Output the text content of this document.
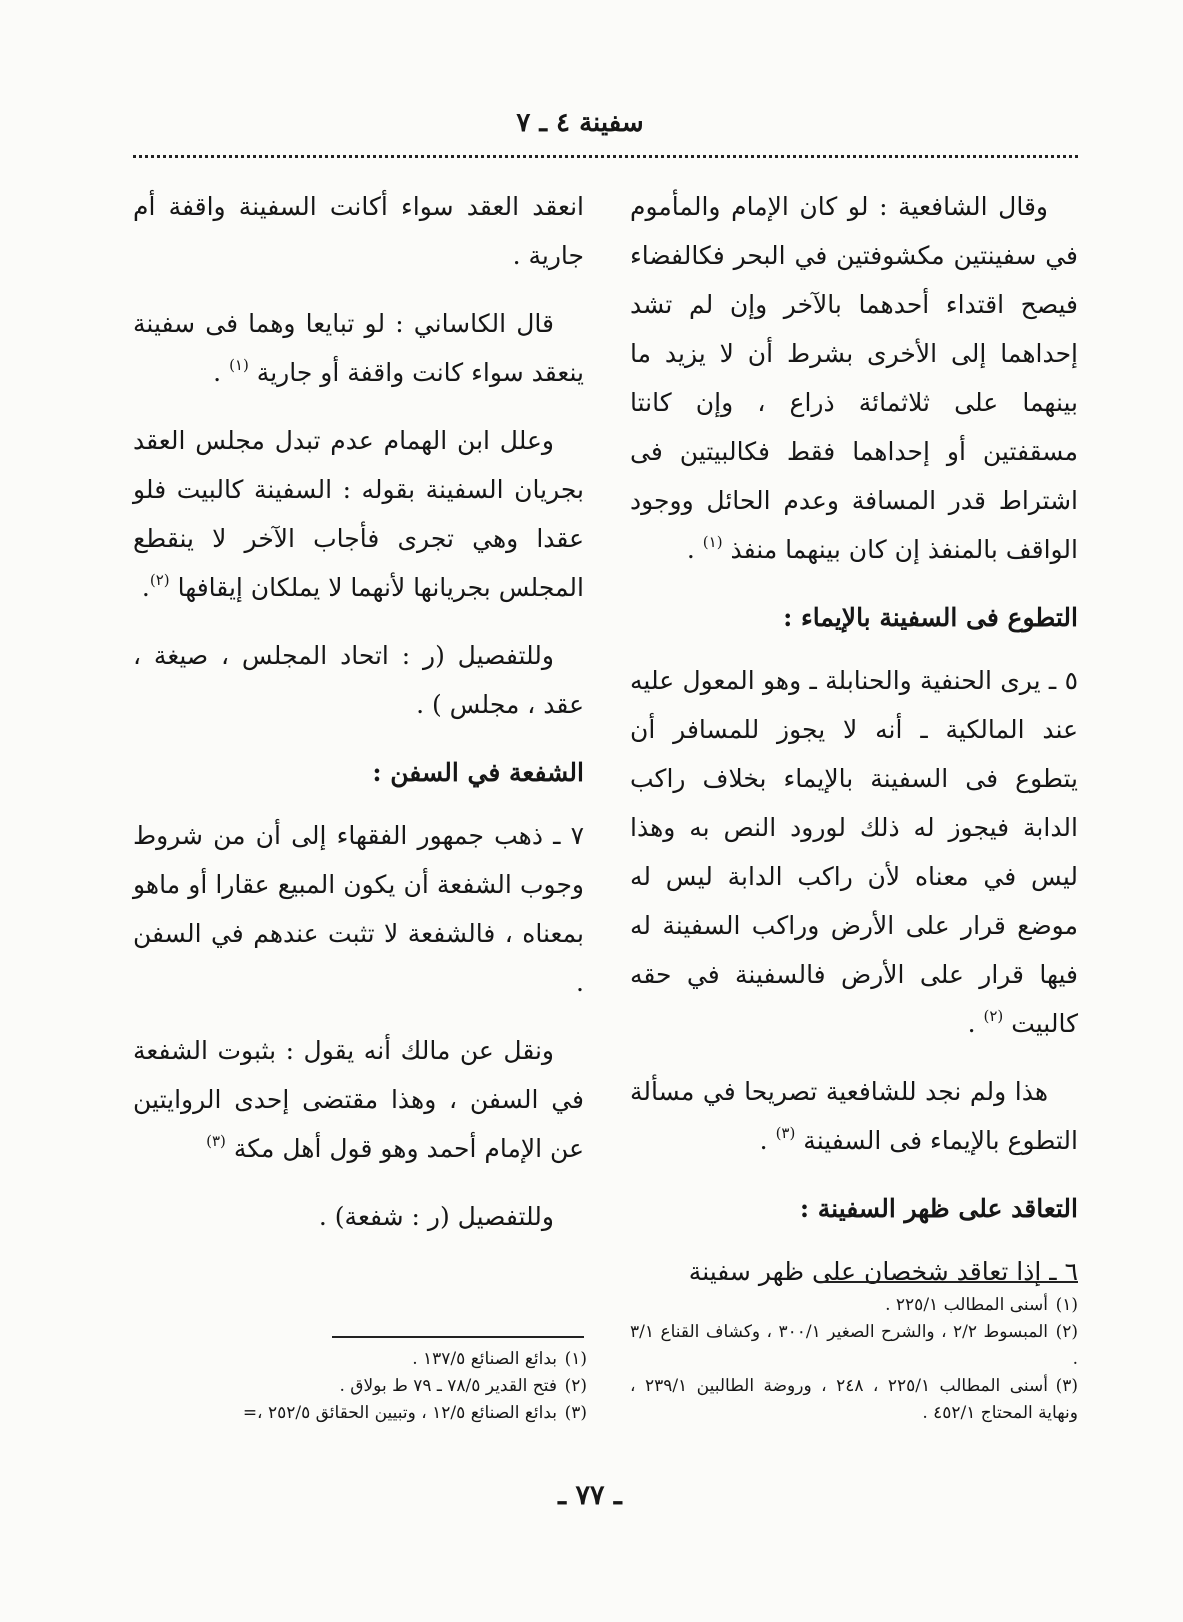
سفينة ٤ ـ ٧

وقال الشافعية : لو كان الإمام والمأموم في سفينتين مكشوفتين في البحر فكالفضاء فيصح اقتداء أحدهما بالآخر وإن لم تشد إحداهما إلى الأخرى بشرط أن لا يزيد ما بينهما على ثلاثمائة ذراع ، وإن كانتا مسقفتين أو إحداهما فقط فكالبيتين فى اشتراط قدر المسافة وعدم الحائل ووجود الواقف بالمنفذ إن كان بينهما منفذ $^{(١)}$ .

التطوع فى السفينة بالإيماء :

٥ ـ يرى الحنفية والحنابلة ـ وهو المعول عليه عند المالكية ـ أنه لا يجوز للمسافر أن يتطوع فى السفينة بالإيماء بخلاف راكب الدابة فيجوز له ذلك لورود النص به وهذا ليس في معناه لأن راكب الدابة ليس له موضع قرار على الأرض وراكب السفينة له فيها قرار على الأرض فالسفينة في حقه كالبيت $^{(٢)}$ .

هذا ولم نجد للشافعية تصريحا في مسألة التطوع بالإيماء فى السفينة $^{(٣)}$ .

التعاقد على ظهر السفينة :

٦ ـ إذا تعاقد شخصان على ظهر سفينة

انعقد العقد سواء أكانت السفينة واقفة أم جارية .

قال الكاساني : لو تبايعا وهما فى سفينة ينعقد سواء كانت واقفة أو جارية $^{(١)}$ .

وعلل ابن الهمام عدم تبدل مجلس العقد بجريان السفينة بقوله : السفينة كالبيت فلو عقدا وهي تجرى فأجاب الآخر لا ينقطع المجلس بجريانها لأنهما لا يملكان إيقافها $^{(٢)}$.

وللتفصيل (ر : اتحاد المجلس ، صيغة ، عقد ، مجلس ) .

الشفعة في السفن :

٧ ـ ذهب جمهور الفقهاء إلى أن من شروط وجوب الشفعة أن يكون المبيع عقارا أو ماهو بمعناه ، فالشفعة لا تثبت عندهم في السفن .

ونقل عن مالك أنه يقول : بثبوت الشفعة في السفن ، وهذا مقتضى إحدى الروايتين عن الإمام أحمد وهو قول أهل مكة $^{(٣)}$

وللتفصيل (ر : شفعة) .

(١)أسنى المطالب ٢٢٥/١ .

(٢)المبسوط ٢/٢ ، والشرح الصغير ٣٠٠/١ ، وكشاف القناع ٣/١ .

(٣)أسنى المطالب ٢٢٥/١ ، ٢٤٨ ، وروضة الطالبين ٢٣٩/١ ، ونهاية المحتاج ٤٥٢/١ .

(١)بدائع الصنائع ١٣٧/٥ .

(٢)فتح القدير ٧٨/٥ ـ ٧٩ ط بولاق .

(٣)بدائع الصنائع ١٢/٥ ، وتبيين الحقائق ٢٥٢/٥ ،=

ـ ٧٧ ـ
